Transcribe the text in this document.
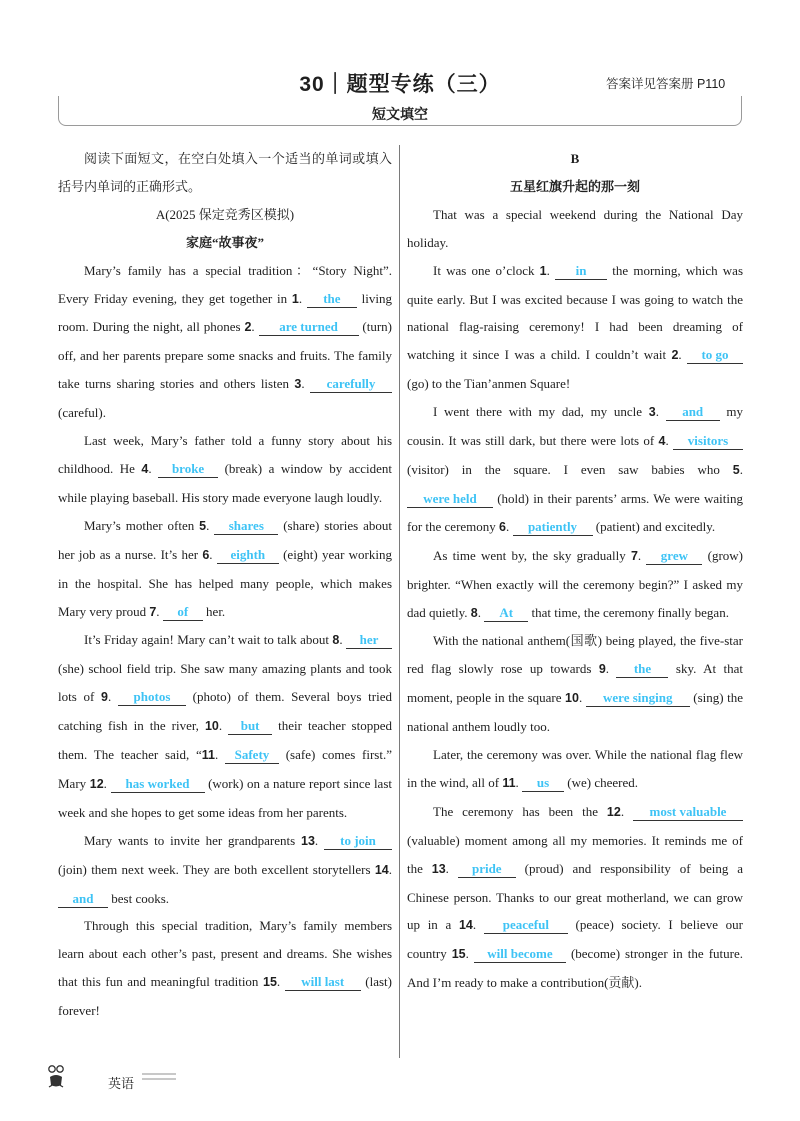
30｜题型专练（三）	答案详见答案册 P110
短文填空

阅读下面短文，在空白处填入一个适当的单词或填入括号内单词的正确形式。

A(2025 保定竞秀区模拟)

家庭“故事夜”

Mary’s family has a special tradition：“Story Night”. Every Friday evening, they get together in 1. the living room. During the night, all phones 2. are turned (turn) off, and her parents prepare some snacks and fruits. The family take turns sharing stories and others listen 3. carefully (careful).

Last week, Mary’s father told a funny story about his childhood. He 4. broke (break) a window by accident while playing baseball. His story made everyone laugh loudly.

Mary’s mother often 5. shares (share) stories about her job as a nurse. It’s her 6. eighth (eight) year working in the hospital. She has helped many people, which makes Mary very proud 7. of her.

It’s Friday again! Mary can’t wait to talk about 8. her (she) school field trip. She saw many amazing plants and took lots of 9. photos (photo) of them. Several boys tried catching fish in the river, 10. but their teacher stopped them. The teacher said, “11. Safety (safe) comes first.” Mary 12. has worked (work) on a nature report since last week and she hopes to get some ideas from her parents.

Mary wants to invite her grandparents 13. to join (join) them next week. They are both excellent storytellers 14. and best cooks.

Through this special tradition, Mary’s family members learn about each other’s past, present and dreams. She wishes that this fun and meaningful tradition 15. will last (last) forever!

B

五星红旗升起的那一刻

That was a special weekend during the National Day holiday.

It was one o’clock 1. in the morning, which was quite early. But I was excited because I was going to watch the national flag-raising ceremony! I had been dreaming of watching it since I was a child. I couldn’t wait 2. to go (go) to the Tian’anmen Square!

I went there with my dad, my uncle 3. and my cousin. It was still dark, but there were lots of 4. visitors (visitor) in the square. I even saw babies who 5. were held (hold) in their parents’ arms. We were waiting for the ceremony 6. patiently (patient) and excitedly.

As time went by, the sky gradually 7. grew (grow) brighter. “When exactly will the ceremony begin?” I asked my dad quietly. 8. At that time, the ceremony finally began.

With the national anthem(国歌) being played, the five-star red flag slowly rose up towards 9. the sky. At that moment, people in the square 10. were singing (sing) the national anthem loudly too.

Later, the ceremony was over. While the national flag flew in the wind, all of 11. us (we) cheered.

The ceremony has been the 12. most valuable (valuable) moment among all my memories. It reminds me of the 13. pride (proud) and responsibility of being a Chinese person. Thanks to our great motherland, we can grow up in a 14. peaceful (peace) society. I believe our country 15. will become (become) stronger in the future. And I’m ready to make a contribution(贡献).

英语
